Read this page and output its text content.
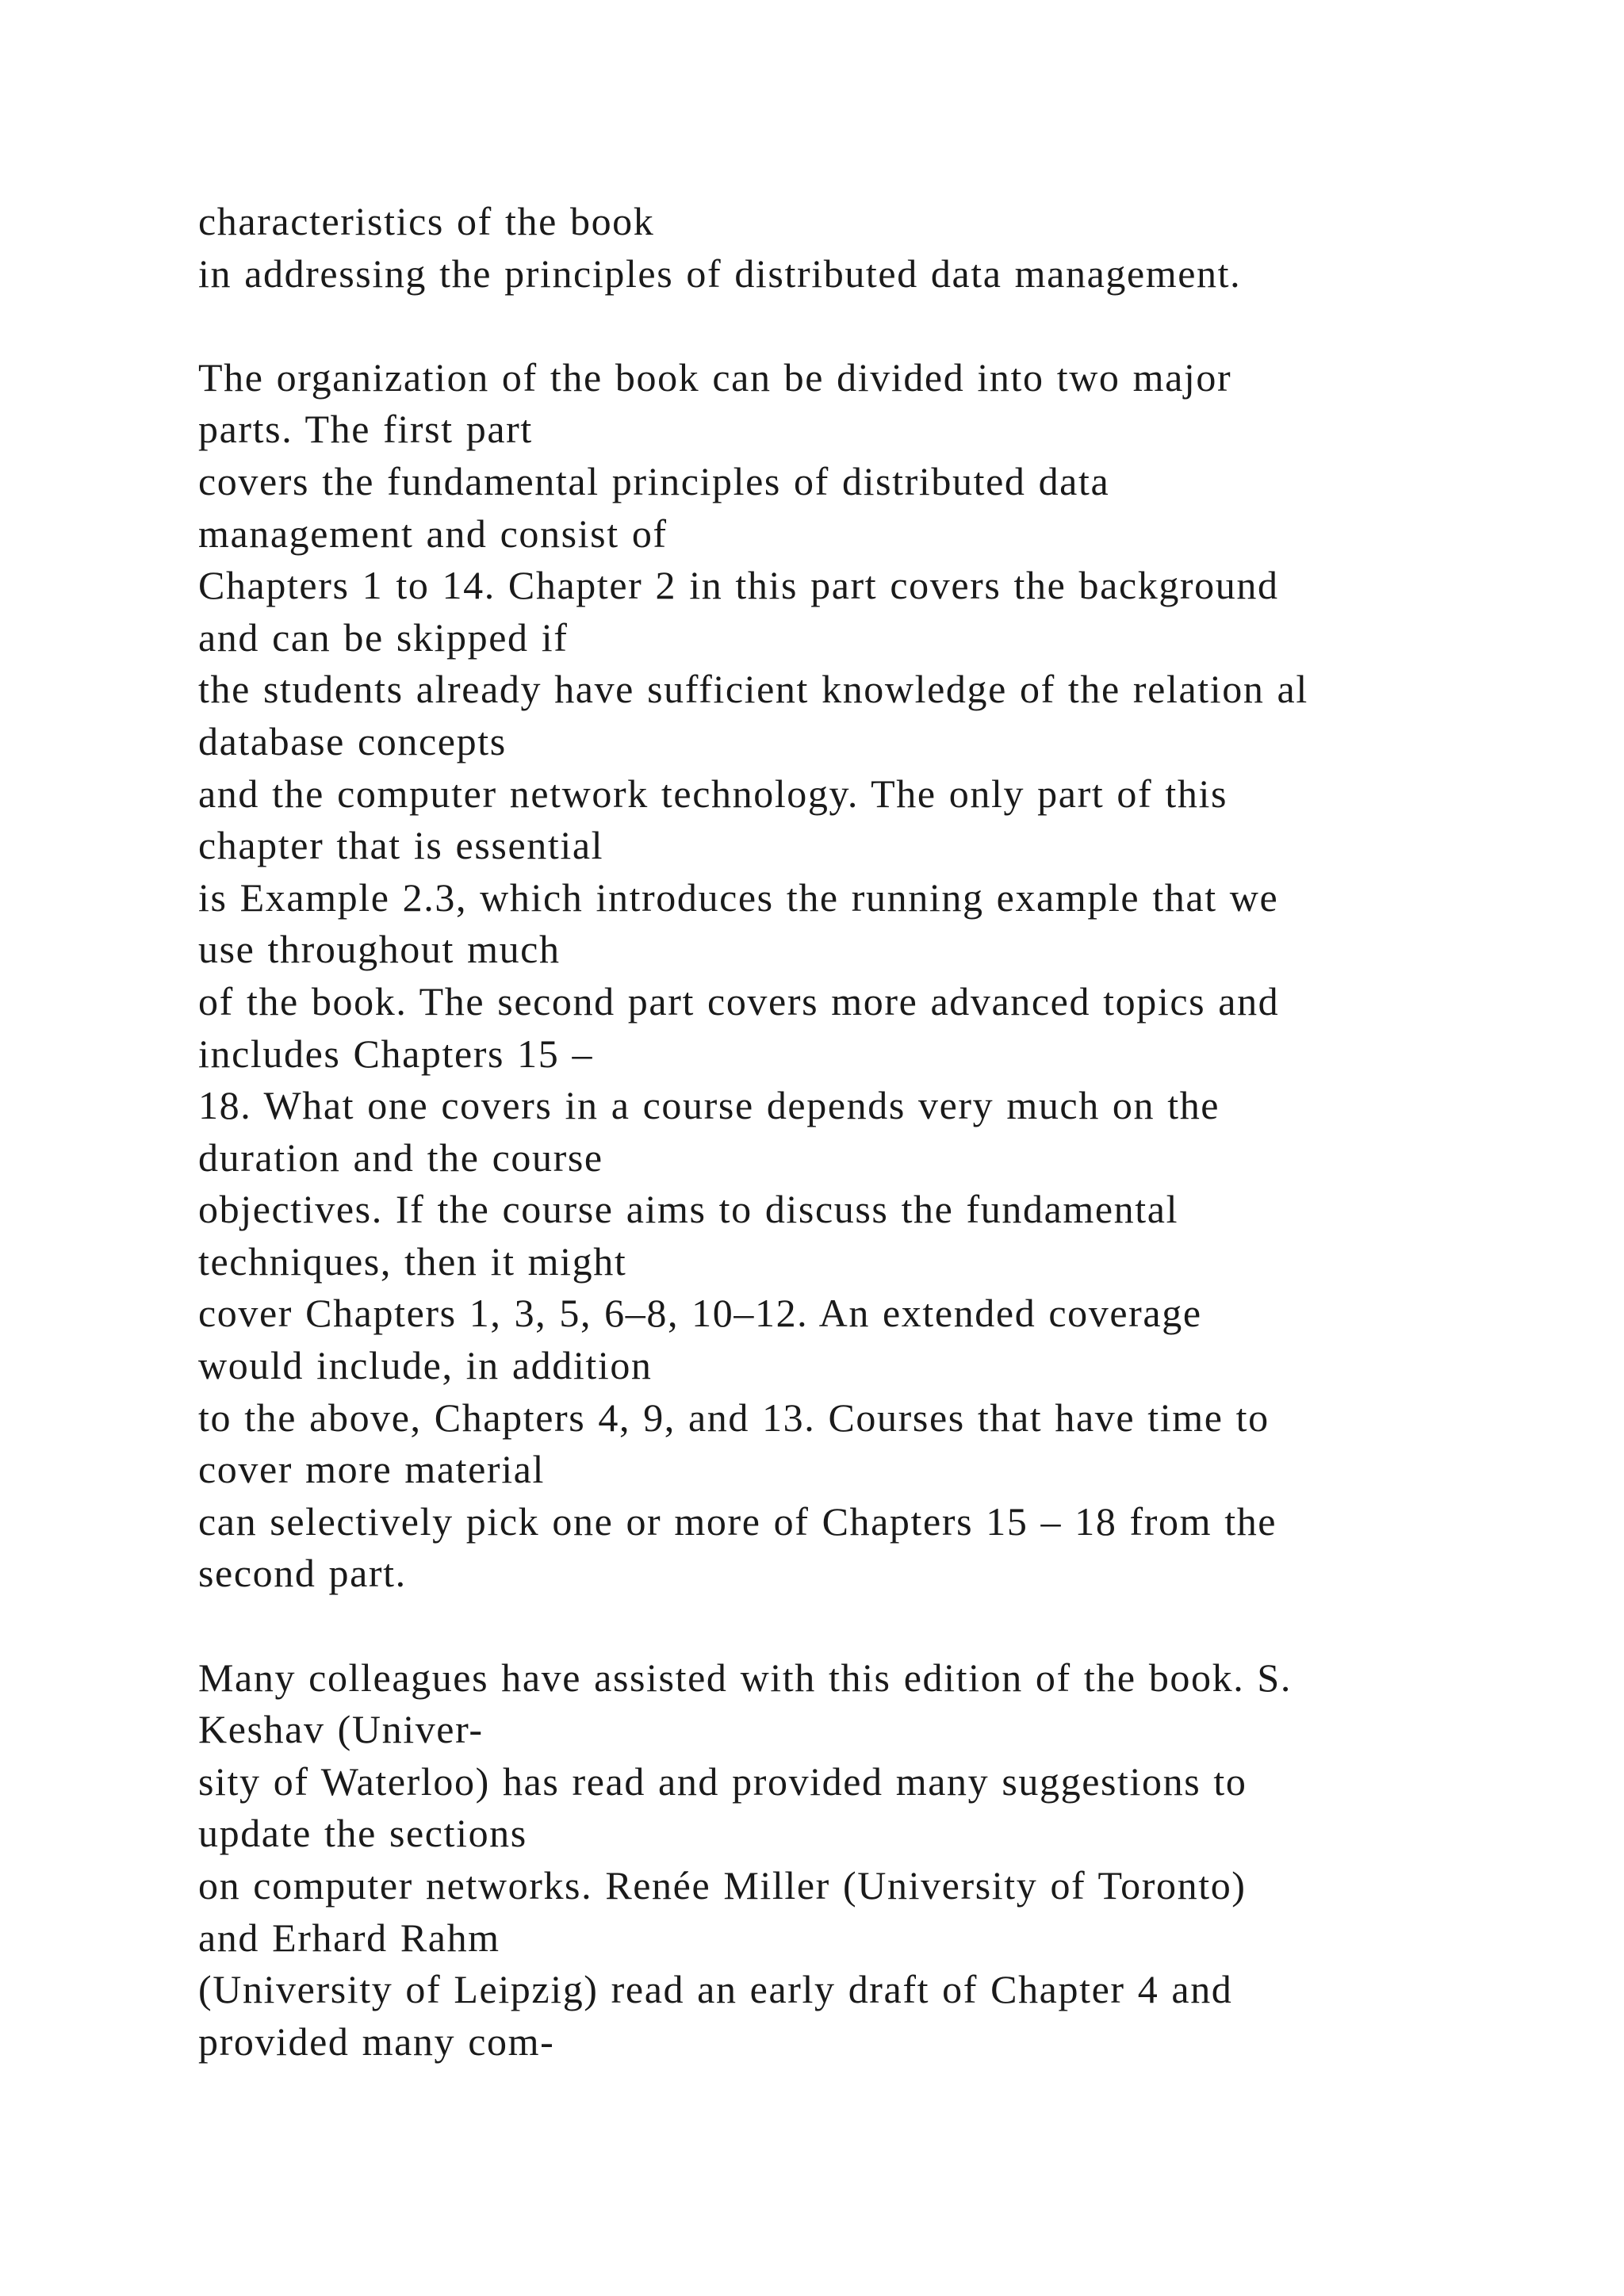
characteristics of the book
in addressing the principles of distributed data management.
The organization of the book can be divided into two major
parts. The first part
covers the fundamental principles of distributed data
management and consist of
Chapters 1 to 14. Chapter 2 in this part covers the background
and can be skipped if
the students already have sufficient knowledge of the relation al
database concepts
and the computer network technology. The only part of this
chapter that is essential
is Example 2.3, which introduces the running example that we
use throughout much
of the book. The second part covers more advanced topics and
includes Chapters 15 –
18. What one covers in a course depends very much on the
duration and the course
objectives. If the course aims to discuss the fundamental
techniques, then it might
cover Chapters 1, 3, 5, 6–8, 10–12. An extended coverage
would include, in addition
to the above, Chapters 4, 9, and 13. Courses that have time to
cover more material
can selectively pick one or more of Chapters 15 – 18 from the
second part.
Many colleagues have assisted with this edition of the book. S.
Keshav (Univer-
sity of Waterloo) has read and provided many suggestions to
update the sections
on computer networks. Renée Miller (University of Toronto)
and Erhard Rahm
(University of Leipzig) read an early draft of Chapter 4 and
provided many com-
